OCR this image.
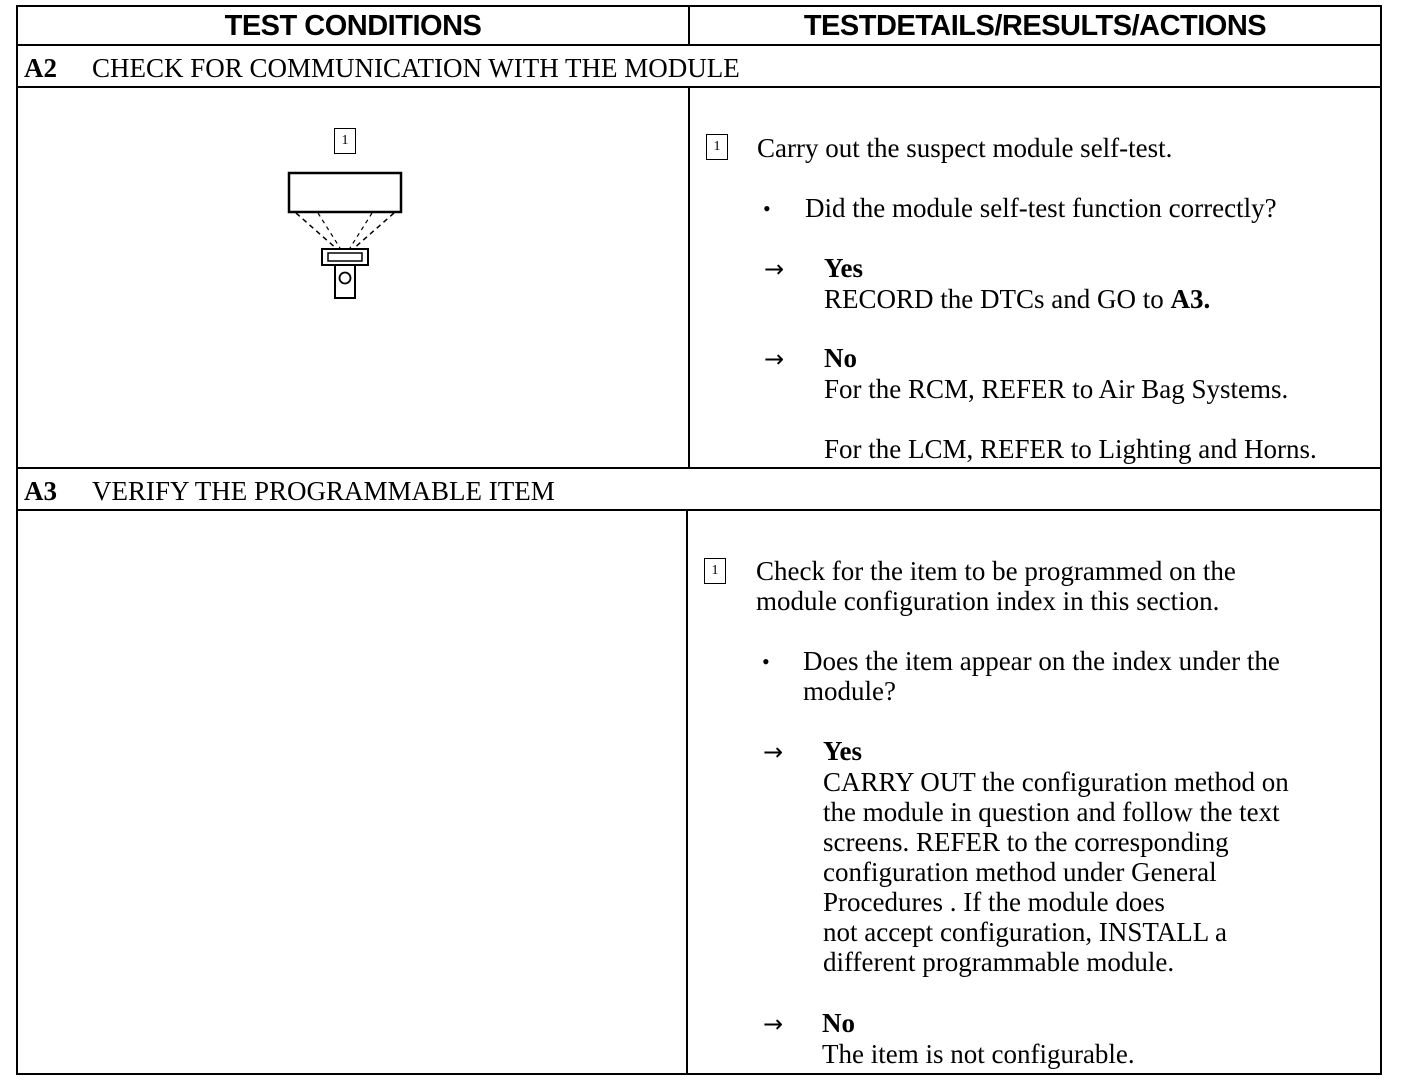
TEST CONDITIONS	TESTDETAILS/RESULTS/ACTIONS
A2 CHECK FOR COMMUNICATION WITH THE MODULE
1	1 Carry out the suspect module self-test.
• Did the module self-test function correctly?
→ Yes
RECORD the DTCs and GO to A3.
→ No
For the RCM, REFER to Air Bag Systems.
For the LCM, REFER to Lighting and Horns.
A3 VERIFY THE PROGRAMMABLE ITEM
1 Check for the item to be programmed on the
module configuration index in this section.
• Does the item appear on the index under the
module?
→ Yes
CARRY OUT the configuration method on
the module in question and follow the text
screens. REFER to the corresponding
configuration method under General
Procedures . If the module does
not accept configuration, INSTALL a
different programmable module.
→ No
The item is not configurable.
